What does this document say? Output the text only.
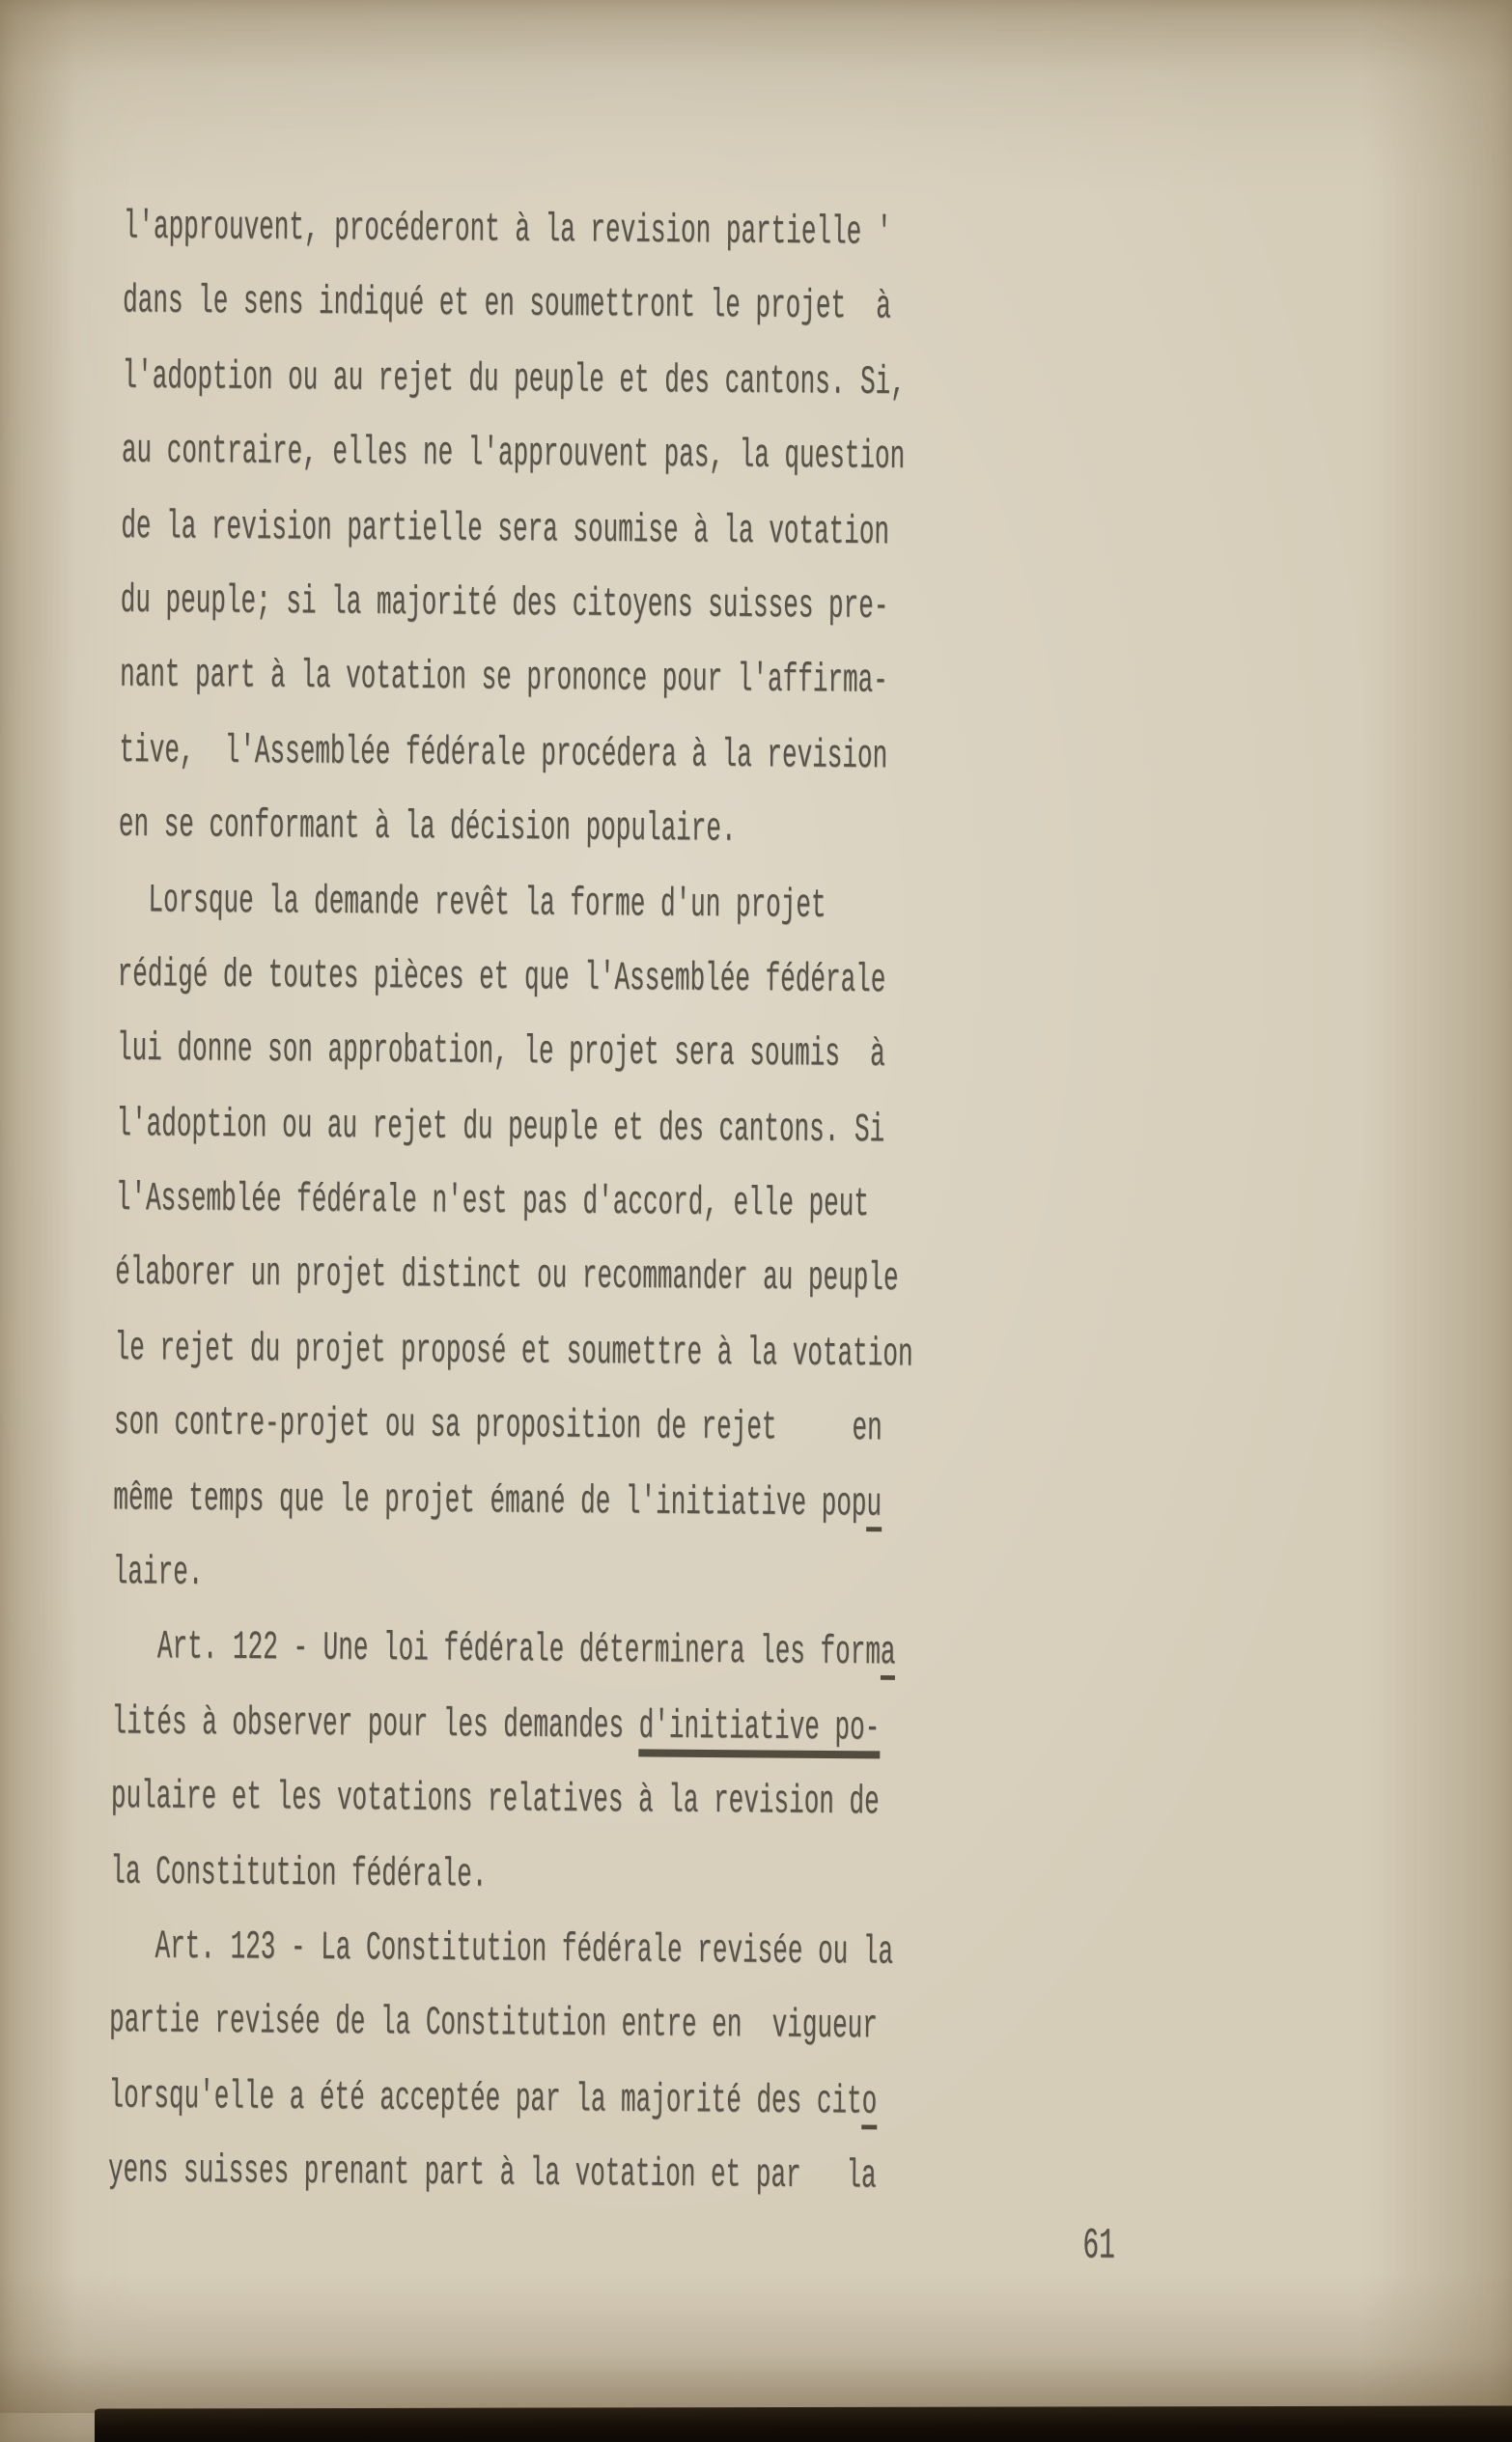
l'approuvent, procéderont à la revision partielle '
dans le sens indiqué et en soumettront le projet  à
l'adoption ou au rejet du peuple et des cantons. Si,
au contraire, elles ne l'approuvent pas, la question
de la revision partielle sera soumise à la votation
du peuple; si la majorité des citoyens suisses pre-
nant part à la votation se prononce pour l'affirma-
tive,  l'Assemblée fédérale procédera à la revision
en se conformant à la décision populaire.
Lorsque la demande revêt la forme d'un projet
rédigé de toutes pièces et que l'Assemblée fédérale
lui donne son approbation, le projet sera soumis  à
l'adoption ou au rejet du peuple et des cantons. Si
l'Assemblée fédérale n'est pas d'accord, elle peut
élaborer un projet distinct ou recommander au peuple
le rejet du projet proposé et soumettre à la votation
son contre-projet ou sa proposition de rejet     en
même temps que le projet émané de l'initiative popu
laire.
Art. 122 - Une loi fédérale déterminera les forma
lités à observer pour les demandes d'initiative po-
pulaire et les votations relatives à la revision de
la Constitution fédérale.
Art. 123 - La Constitution fédérale revisée ou la
partie revisée de la Constitution entre en  vigueur
lorsqu'elle a été acceptée par la majorité des cito
yens suisses prenant part à la votation et par   la
61
